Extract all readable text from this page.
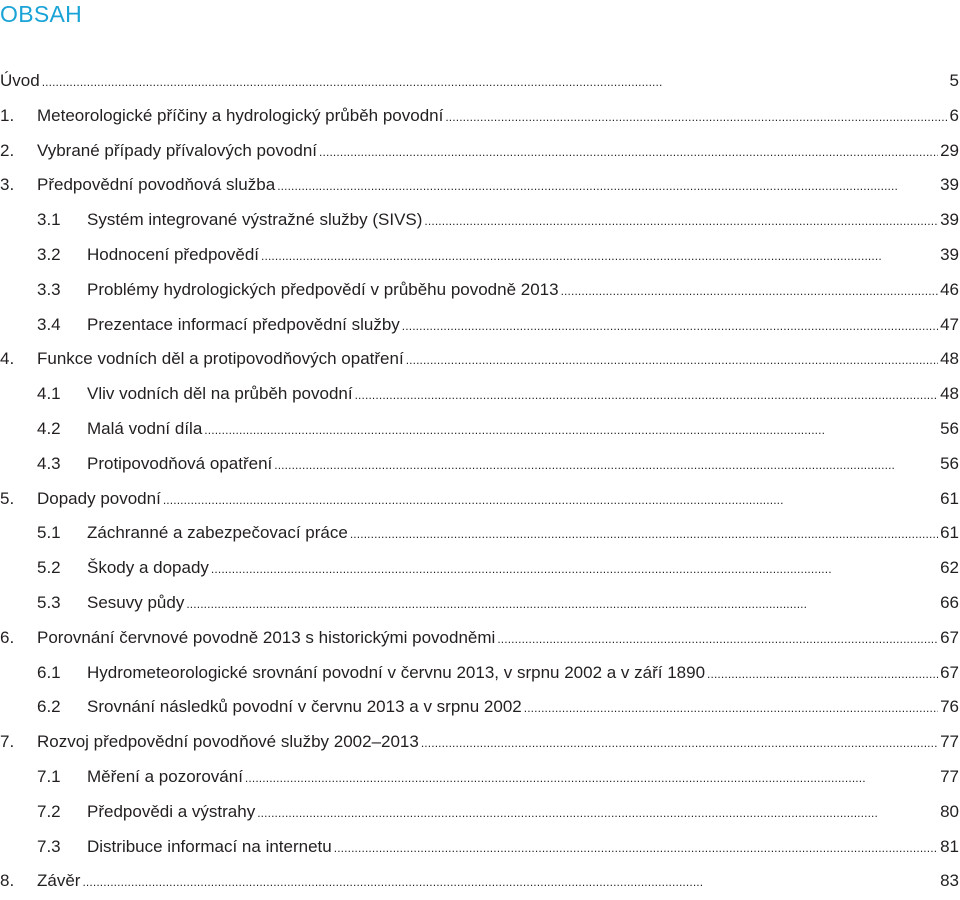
OBSAH
Úvod . . .	5
1.	Meteorologické příčiny a hydrologický průběh povodní . . .	6
2.	Vybrané případy přívalových povodní . . .	29
3.	Předpovědní povodňová služba . . .	39
3.1	Systém integrované výstražné služby (SIVS) . . .	39
3.2	Hodnocení předpovědí . . .	39
3.3	Problémy hydrologických předpovědí v průběhu povodně 2013 . . .	46
3.4	Prezentace informací předpovědní služby . . .	47
4.	Funkce vodních děl a protipovodňových opatření . . .	48
4.1	Vliv vodních děl na průběh povodní . . .	48
4.2	Malá vodní díla . . .	56
4.3	Protipovodňová opatření . . .	56
5.	Dopady povodní . . .	61
5.1	Záchranné a zabezpečovací práce . . .	61
5.2	Škody a dopady . . .	62
5.3	Sesuvy půdy . . .	66
6.	Porovnání červnové povodně 2013 s historickými povodněmi . . .	67
6.1	Hydrometeorologické srovnání povodní v červnu 2013, v srpnu 2002 a v září 1890 . . .	67
6.2	Srovnání následků povodní v červnu 2013 a v srpnu 2002 . . .	76
7.	Rozvoj předpovědní povodňové služby 2002–2013 . . .	77
7.1	Měření a pozorování . . .	77
7.2	Předpovědi a výstrahy . . .	80
7.3	Distribuce informací na internetu . . .	81
8.	Závěr . . .	83
